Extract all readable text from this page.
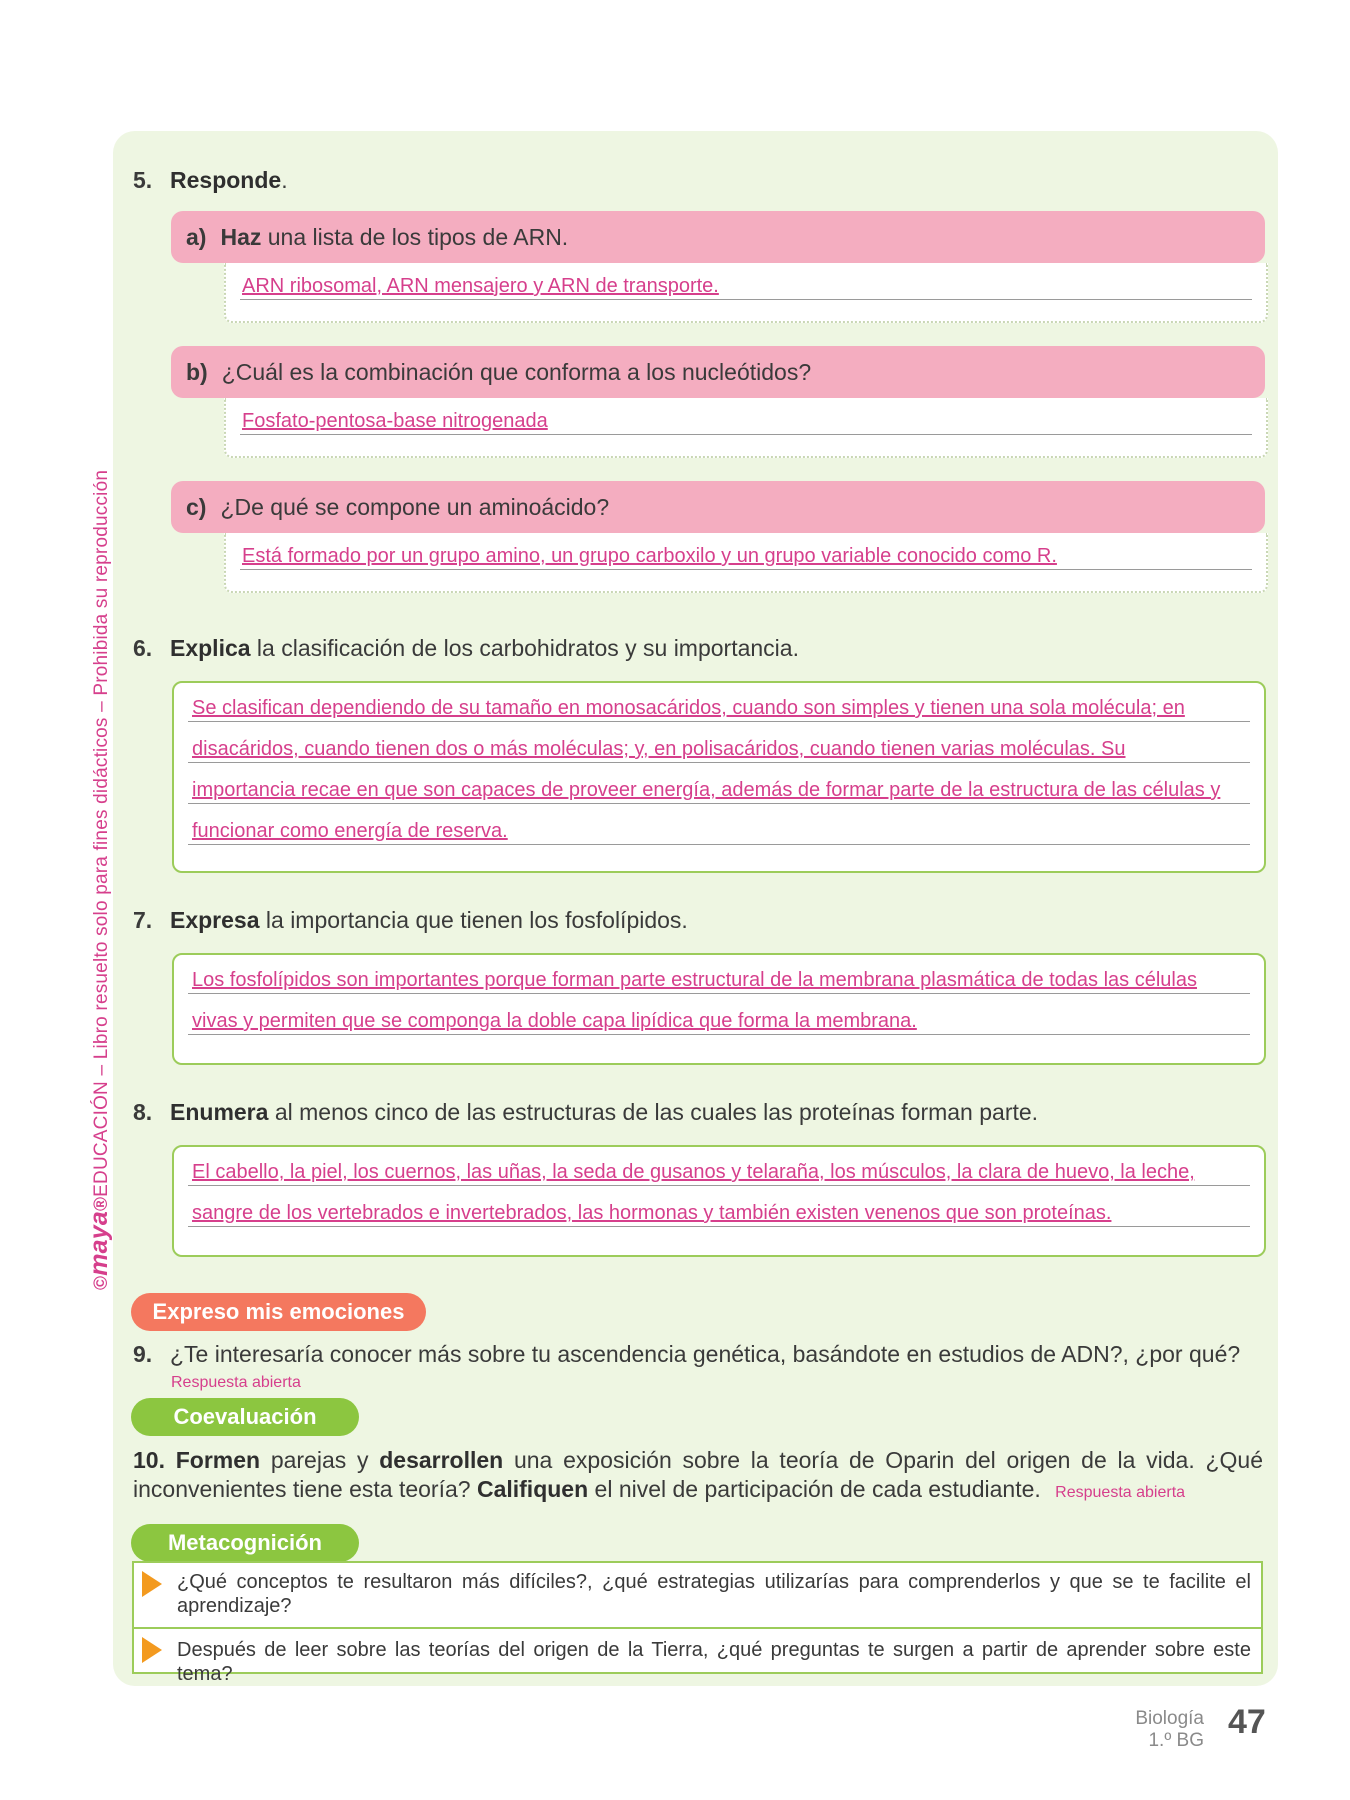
©maya®EDUCACIÓN – Libro resuelto solo para fines didácticos – Prohibida su reproducción
5. Responde.
a) Haz una lista de los tipos de ARN.
ARN ribosomal, ARN mensajero y ARN de transporte.
b) ¿Cuál es la combinación que conforma a los nucleótidos?
Fosfato-pentosa-base nitrogenada
c) ¿De qué se compone un aminoácido?
Está formado por un grupo amino, un grupo carboxilo y un grupo variable conocido como R.
6. Explica la clasificación de los carbohidratos y su importancia.
Se clasifican dependiendo de su tamaño en monosacáridos, cuando son simples y tienen una sola molécula; en
disacáridos, cuando tienen dos o más moléculas; y, en polisacáridos, cuando tienen varias moléculas. Su
importancia recae en que son capaces de proveer energía, además de formar parte de la estructura de las células y
funcionar como energía de reserva.
7. Expresa la importancia que tienen los fosfolípidos.
Los fosfolípidos son importantes porque forman parte estructural de la membrana plasmática de todas las células
vivas y permiten que se componga la doble capa lipídica que forma la membrana.
8. Enumera al menos cinco de las estructuras de las cuales las proteínas forman parte.
El cabello, la piel, los cuernos, las uñas, la seda de gusanos y telaraña, los músculos, la clara de huevo, la leche,
sangre de los vertebrados e invertebrados, las hormonas y también existen venenos que son proteínas.
Expreso mis emociones
9. ¿Te interesaría conocer más sobre tu ascendencia genética, basándote en estudios de ADN?, ¿por qué?
Respuesta abierta
Coevaluación
10. Formen parejas y desarrollen una exposición sobre la teoría de Oparin del origen de la vida. ¿Qué inconvenientes tiene esta teoría? Califiquen el nivel de participación de cada estudiante. Respuesta abierta
Metacognición
¿Qué conceptos te resultaron más difíciles?, ¿qué estrategias utilizarías para comprenderlos y que se te facilite el aprendizaje?
Después de leer sobre las teorías del origen de la Tierra, ¿qué preguntas te surgen a partir de aprender sobre este tema?
Biología
1.º BG 47
